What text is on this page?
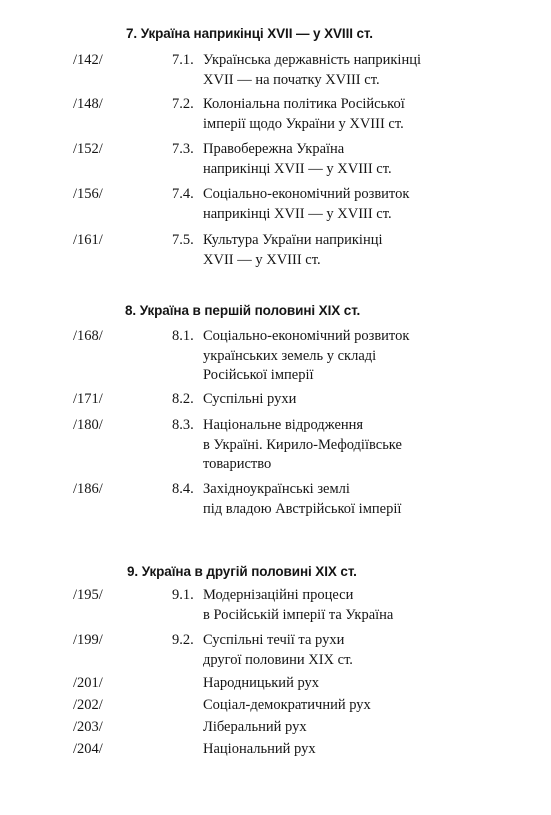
7. Україна наприкінці XVII — у XVIII ст.
/142/	7.1. Українська державність наприкінці
XVII — на початку XVIII ст.
/148/	7.2. Колоніальна політика Російської
імперії щодо України у XVIII ст.
/152/	7.3. Правобережна Україна
наприкінці XVII — у XVIII ст.
/156/	7.4. Соціально-економічний розвиток
наприкінці XVII — у XVIII ст.
/161/	7.5. Культура України наприкінці
XVII — у XVIII ст.
8. Україна в першій половині XIX ст.
/168/	8.1. Соціально-економічний розвиток
українських земель у складі
Російської імперії
/171/	8.2. Суспільні рухи
/180/	8.3. Національне відродження
в Україні. Кирило-Мефодіївське
товариство
/186/	8.4. Західноукраїнські землі
під владою Австрійської імперії
9. Україна в другій половині XIX ст.
/195/	9.1. Модернізаційні процеси
в Російській імперії та Україна
/199/	9.2. Суспільні течії та рухи
другої половини XIX ст.
/201/	Народницький рух
/202/	Соціал-демократичний рух
/203/	Ліберальний рух
/204/	Національний рух
